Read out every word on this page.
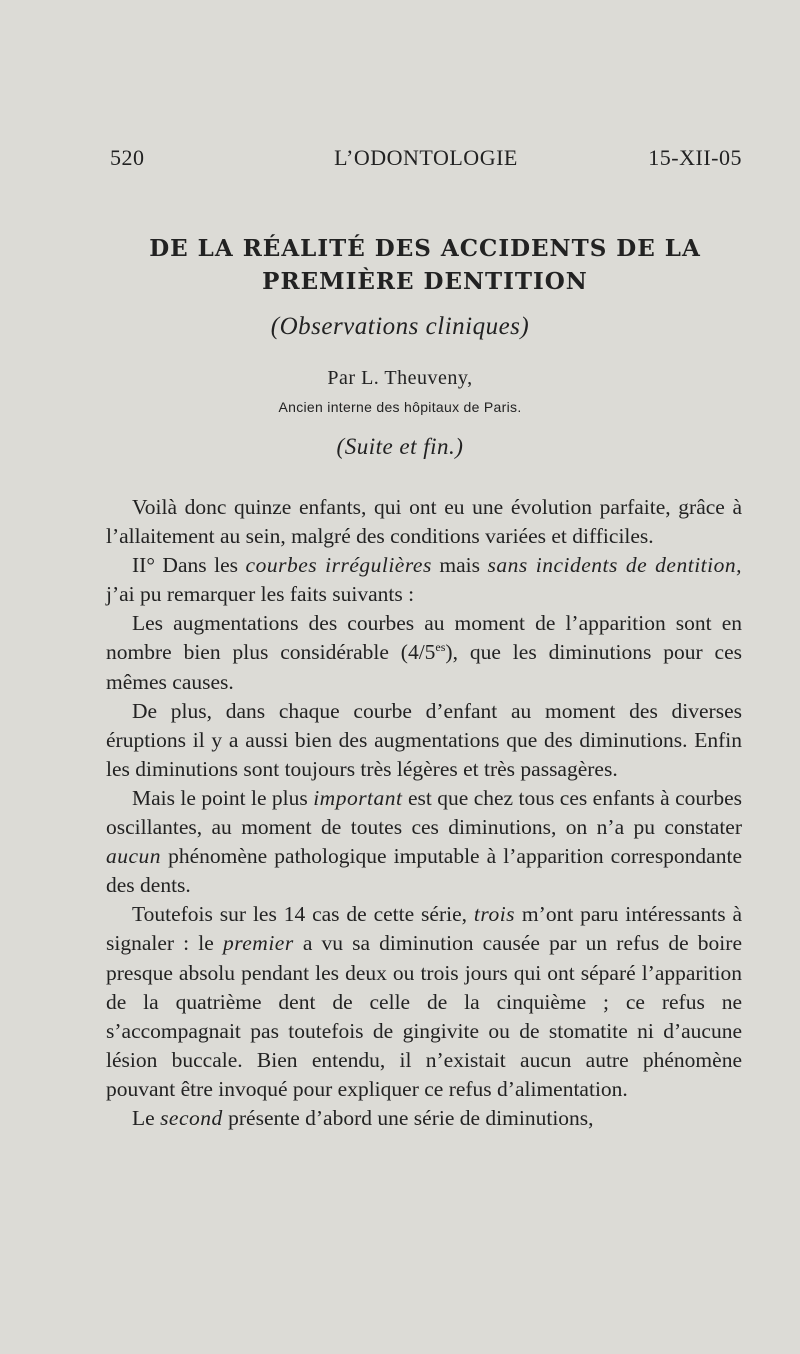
520	L’ODONTOLOGIE	15-XII-05
DE LA RÉALITÉ DES ACCIDENTS DE LA
PREMIÈRE DENTITION
(Observations cliniques)
Par L. Theuveny,
Ancien interne des hôpitaux de Paris.
(Suite et fin.)

Voilà donc quinze enfants, qui ont eu une évolution parfaite, grâce à l’allaitement au sein, malgré des conditions variées et difficiles.

II° Dans les courbes irrégulières mais sans incidents de dentition, j’ai pu remarquer les faits suivants :

Les augmentations des courbes au moment de l’apparition sont en nombre bien plus considérable $(4/5^{es})$, que les diminutions pour ces mêmes causes.

De plus, dans chaque courbe d’enfant au moment des diverses éruptions il y a aussi bien des augmentations que des diminutions. Enfin les diminutions sont toujours très légères et très passagères.

Mais le point le plus important est que chez tous ces enfants à courbes oscillantes, au moment de toutes ces diminutions, on n’a pu constater aucun phénomène pathologique imputable à l’apparition correspondante des dents.

Toutefois sur les 14 cas de cette série, trois m’ont paru intéressants à signaler : le premier a vu sa diminution causée par un refus de boire presque absolu pendant les deux ou trois jours qui ont séparé l’apparition de la quatrième dent de celle de la cinquième ; ce refus ne s’accompagnait pas toutefois de gingivite ou de stomatite ni d’aucune lésion buccale. Bien entendu, il n’existait aucun autre phénomène pouvant être invoqué pour expliquer ce refus d’alimentation.

Le second présente d’abord une série de diminutions,
